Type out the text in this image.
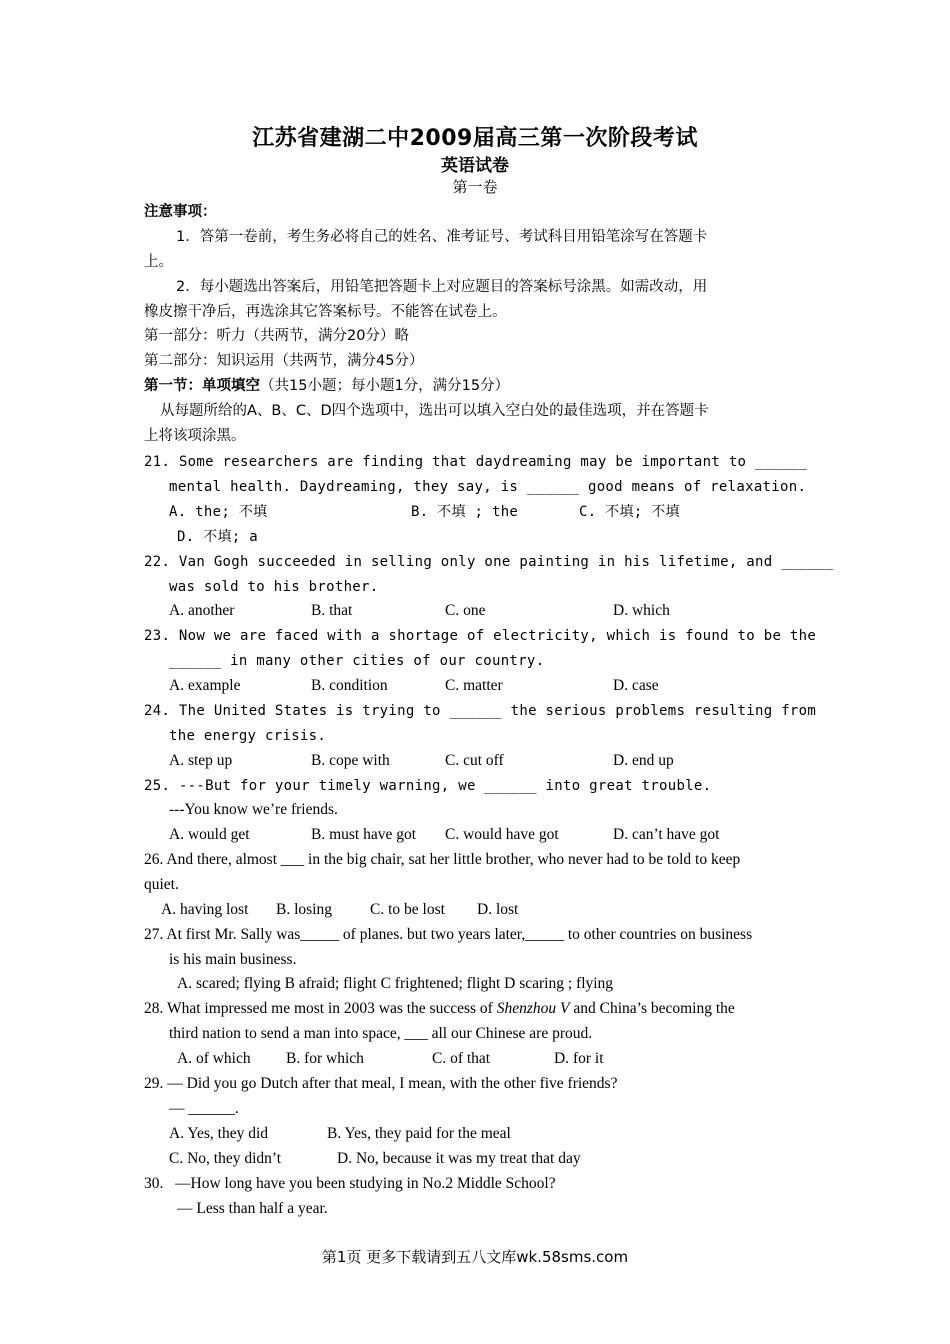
江苏省建湖二中2009届高三第一次阶段考试
英语试卷
第一卷
注意事项：
1．答第一卷前，考生务必将自己的姓名、准考证号、考试科目用铅笔涂写在答题卡
上。
2．每小题选出答案后，用铅笔把答题卡上对应题目的答案标号涂黑。如需改动，用
橡皮擦干净后，再选涂其它答案标号。不能答在试卷上。
第一部分：听力（共两节，满分20分）略
第二部分：知识运用（共两节，满分45分）
第一节：单项填空（共15小题；每小题1分，满分15分）
从每题所给的A、B、C、D四个选项中，选出可以填入空白处的最佳选项，并在答题卡
上将该项涂黑。
21. Some researchers are finding that daydreaming may be important to ______
mental health. Daydreaming, they say, is ______ good means of relaxation.
A. the; 不填	B. 不填 ; the	C. 不填; 不填
D. 不填; a
22. Van Gogh succeeded in selling only one painting in his lifetime, and ______
was sold to his brother.
A. another	B. that	C. one	D. which
23. Now we are faced with a shortage of electricity, which is found to be the
______ in many other cities of our country.
A. example	B. condition	C. matter	D. case
24. The United States is trying to ______ the serious problems resulting from
the energy crisis.
A. step up	B. cope with	C. cut off	D. end up
25. ---But for your timely warning, we ______ into great trouble.
---You know we’re friends.
A. would get	B. must have got C. would have got	D. can’t have got
26. And there, almost ___ in the big chair, sat her little brother, who never had to be told to keep
quiet.
A. having lost B. losing C. to be lost D. lost
27. At first Mr. Sally was_____ of planes. but two years later,_____ to other countries on business
is his main business.
A. scared; flying B afraid; flight C frightened; flight D scaring ; flying
28. What impressed me most in 2003 was the success of Shenzhou V and China’s becoming the
third nation to send a man into space, ___ all our Chinese are proud.
A. of which B. for which	C. of that	D. for it
29. — Did you go Dutch after that meal, I mean, with the other five friends?
— ______.
A. Yes, they did	B. Yes, they paid for the meal
C. No, they didn’t	D. No, because it was my treat that day
30.   —How long have you been studying in No.2 Middle School?
— Less than half a year.
第1页 更多下载请到五八文库wk.58sms.com
